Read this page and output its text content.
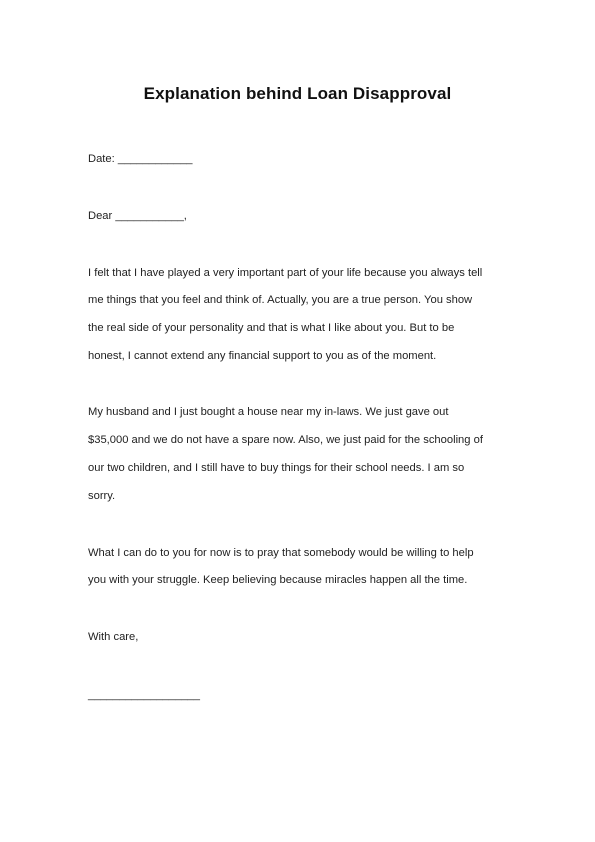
Explanation behind Loan Disapproval
Date: ____________
Dear ___________,
I felt that I have played a very important part of your life because you always tell
me things that you feel and think of. Actually, you are a true person. You show
the real side of your personality and that is what I like about you. But to be
honest, I cannot extend any financial support to you as of the moment.
My husband and I just bought a house near my in-laws. We just gave out
$35,000 and we do not have a spare now. Also, we just paid for the schooling of
our two children, and I still have to buy things for their school needs. I am so
sorry.
What I can do to you for now is to pray that somebody would be willing to help
you with your struggle. Keep believing because miracles happen all the time.
With care,
__________________
